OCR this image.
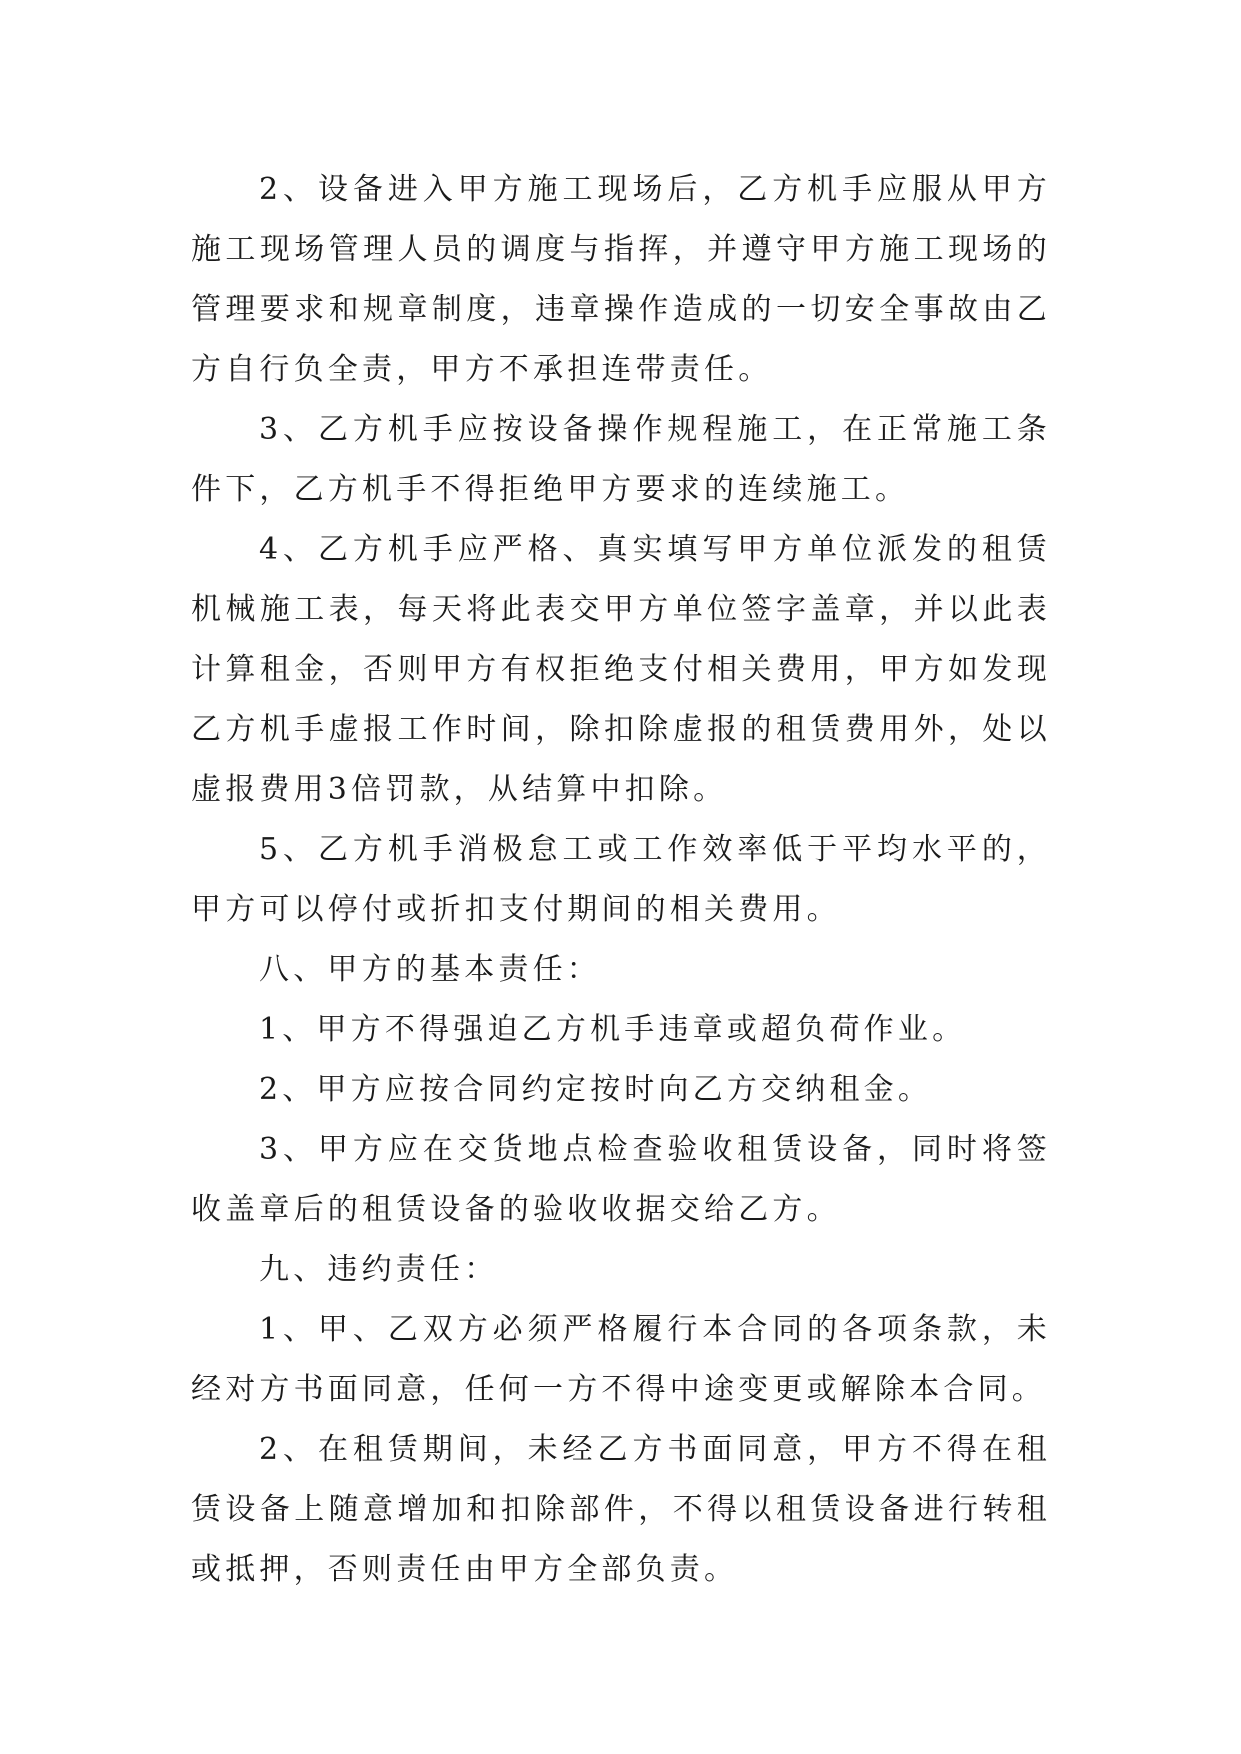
2、设备进入甲方施工现场后，乙方机手应服从甲方施工现场管理人员的调度与指挥，并遵守甲方施工现场的管理要求和规章制度，违章操作造成的一切安全事故由乙方自行负全责，甲方不承担连带责任。

3、乙方机手应按设备操作规程施工，在正常施工条件下，乙方机手不得拒绝甲方要求的连续施工。

4、乙方机手应严格、真实填写甲方单位派发的租赁机械施工表，每天将此表交甲方单位签字盖章，并以此表计算租金，否则甲方有权拒绝支付相关费用，甲方如发现乙方机手虚报工作时间，除扣除虚报的租赁费用外，处以虚报费用3倍罚款，从结算中扣除。

5、乙方机手消极怠工或工作效率低于平均水平的，甲方可以停付或折扣支付期间的相关费用。

八、甲方的基本责任：

1、甲方不得强迫乙方机手违章或超负荷作业。

2、甲方应按合同约定按时向乙方交纳租金。

3、甲方应在交货地点检查验收租赁设备，同时将签收盖章后的租赁设备的验收收据交给乙方。

九、违约责任：

1、甲、乙双方必须严格履行本合同的各项条款，未经对方书面同意，任何一方不得中途变更或解除本合同。

2、在租赁期间，未经乙方书面同意，甲方不得在租赁设备上随意增加和扣除部件，不得以租赁设备进行转租或抵押，否则责任由甲方全部负责。
